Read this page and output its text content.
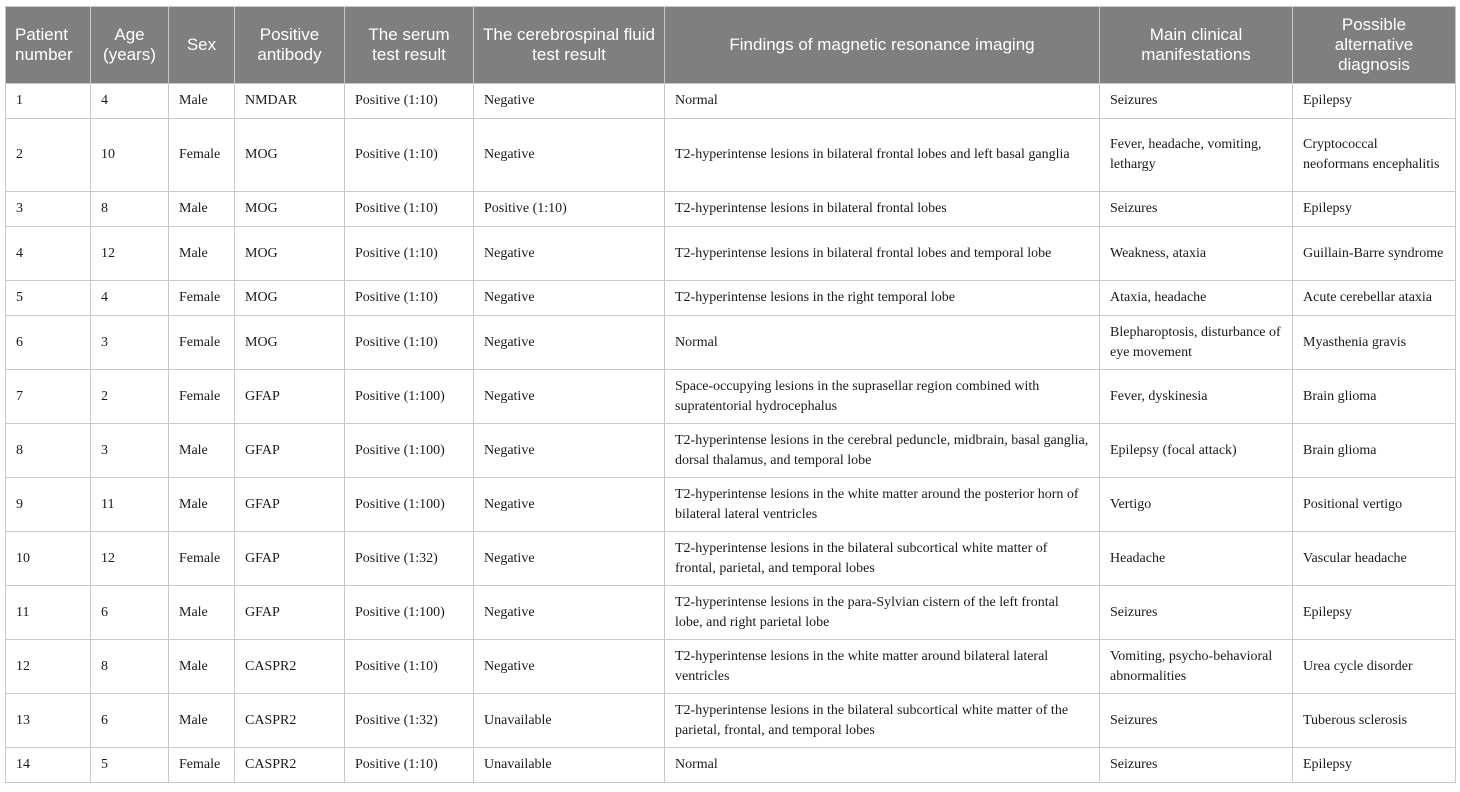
Patient number	Age (years)	Sex	Positive antibody	The serum test result	The cerebrospinal fluid test result	Findings of magnetic resonance imaging	Main clinical manifestations	Possible alternative diagnosis
1	4	Male	NMDAR	Positive (1:10)	Negative	Normal	Seizures	Epilepsy
2	10	Female	MOG	Positive (1:10)	Negative	T2-hyperintense lesions in bilateral frontal lobes and left basal ganglia	Fever, headache, vomiting, lethargy	Cryptococcal neoformans encephalitis
3	8	Male	MOG	Positive (1:10)	Positive (1:10)	T2-hyperintense lesions in bilateral frontal lobes	Seizures	Epilepsy
4	12	Male	MOG	Positive (1:10)	Negative	T2-hyperintense lesions in bilateral frontal lobes and temporal lobe	Weakness, ataxia	Guillain-Barre syndrome
5	4	Female	MOG	Positive (1:10)	Negative	T2-hyperintense lesions in the right temporal lobe	Ataxia, headache	Acute cerebellar ataxia
6	3	Female	MOG	Positive (1:10)	Negative	Normal	Blepharoptosis, disturbance of eye movement	Myasthenia gravis
7	2	Female	GFAP	Positive (1:100)	Negative	Space-occupying lesions in the suprasellar region combined with supratentorial hydrocephalus	Fever, dyskinesia	Brain glioma
8	3	Male	GFAP	Positive (1:100)	Negative	T2-hyperintense lesions in the cerebral peduncle, midbrain, basal ganglia, dorsal thalamus, and temporal lobe	Epilepsy (focal attack)	Brain glioma
9	11	Male	GFAP	Positive (1:100)	Negative	T2-hyperintense lesions in the white matter around the posterior horn of bilateral lateral ventricles	Vertigo	Positional vertigo
10	12	Female	GFAP	Positive (1:32)	Negative	T2-hyperintense lesions in the bilateral subcortical white matter of frontal, parietal, and temporal lobes	Headache	Vascular headache
11	6	Male	GFAP	Positive (1:100)	Negative	T2-hyperintense lesions in the para-Sylvian cistern of the left frontal lobe, and right parietal lobe	Seizures	Epilepsy
12	8	Male	CASPR2	Positive (1:10)	Negative	T2-hyperintense lesions in the white matter around bilateral lateral ventricles	Vomiting, psycho-behavioral abnormalities	Urea cycle disorder
13	6	Male	CASPR2	Positive (1:32)	Unavailable	T2-hyperintense lesions in the bilateral subcortical white matter of the parietal, frontal, and temporal lobes	Seizures	Tuberous sclerosis
14	5	Female	CASPR2	Positive (1:10)	Unavailable	Normal	Seizures	Epilepsy
